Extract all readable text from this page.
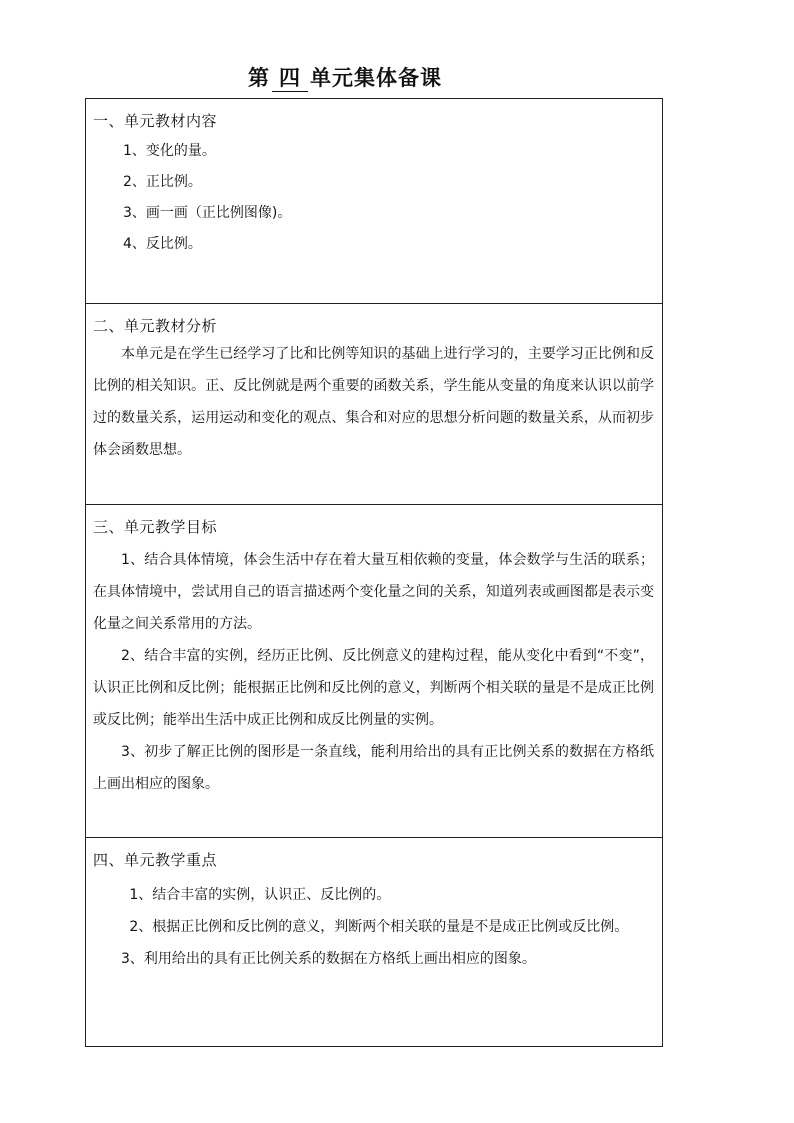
第 四 单元集体备课
一、单元教材内容
1、变化的量。
2、正比例。
3、画一画（正比例图像)。
4、反比例。
二、单元教材分析

本单元是在学生已经学习了比和比例等知识的基础上进行学习的，主要学习正比例和反比例的相关知识。正、反比例就是两个重要的函数关系，学生能从变量的角度来认识以前学过的数量关系，运用运动和变化的观点、集合和对应的思想分析问题的数量关系，从而初步体会函数思想。

三、单元教学目标

1、结合具体情境，体会生活中存在着大量互相依赖的变量，体会数学与生活的联系；在具体情境中，尝试用自己的语言描述两个变化量之间的关系，知道列表或画图都是表示变化量之间关系常用的方法。

2、结合丰富的实例，经历正比例、反比例意义的建构过程，能从变化中看到“不变”，认识正比例和反比例；能根据正比例和反比例的意义，判断两个相关联的量是不是成正比例或反比例；能举出生活中成正比例和成反比例量的实例。

3、初步了解正比例的图形是一条直线，能利用给出的具有正比例关系的数据在方格纸上画出相应的图象。

四、单元教学重点

1、结合丰富的实例，认识正、反比例的。

2、根据正比例和反比例的意义，判断两个相关联的量是不是成正比例或反比例。

3、利用给出的具有正比例关系的数据在方格纸上画出相应的图象。
